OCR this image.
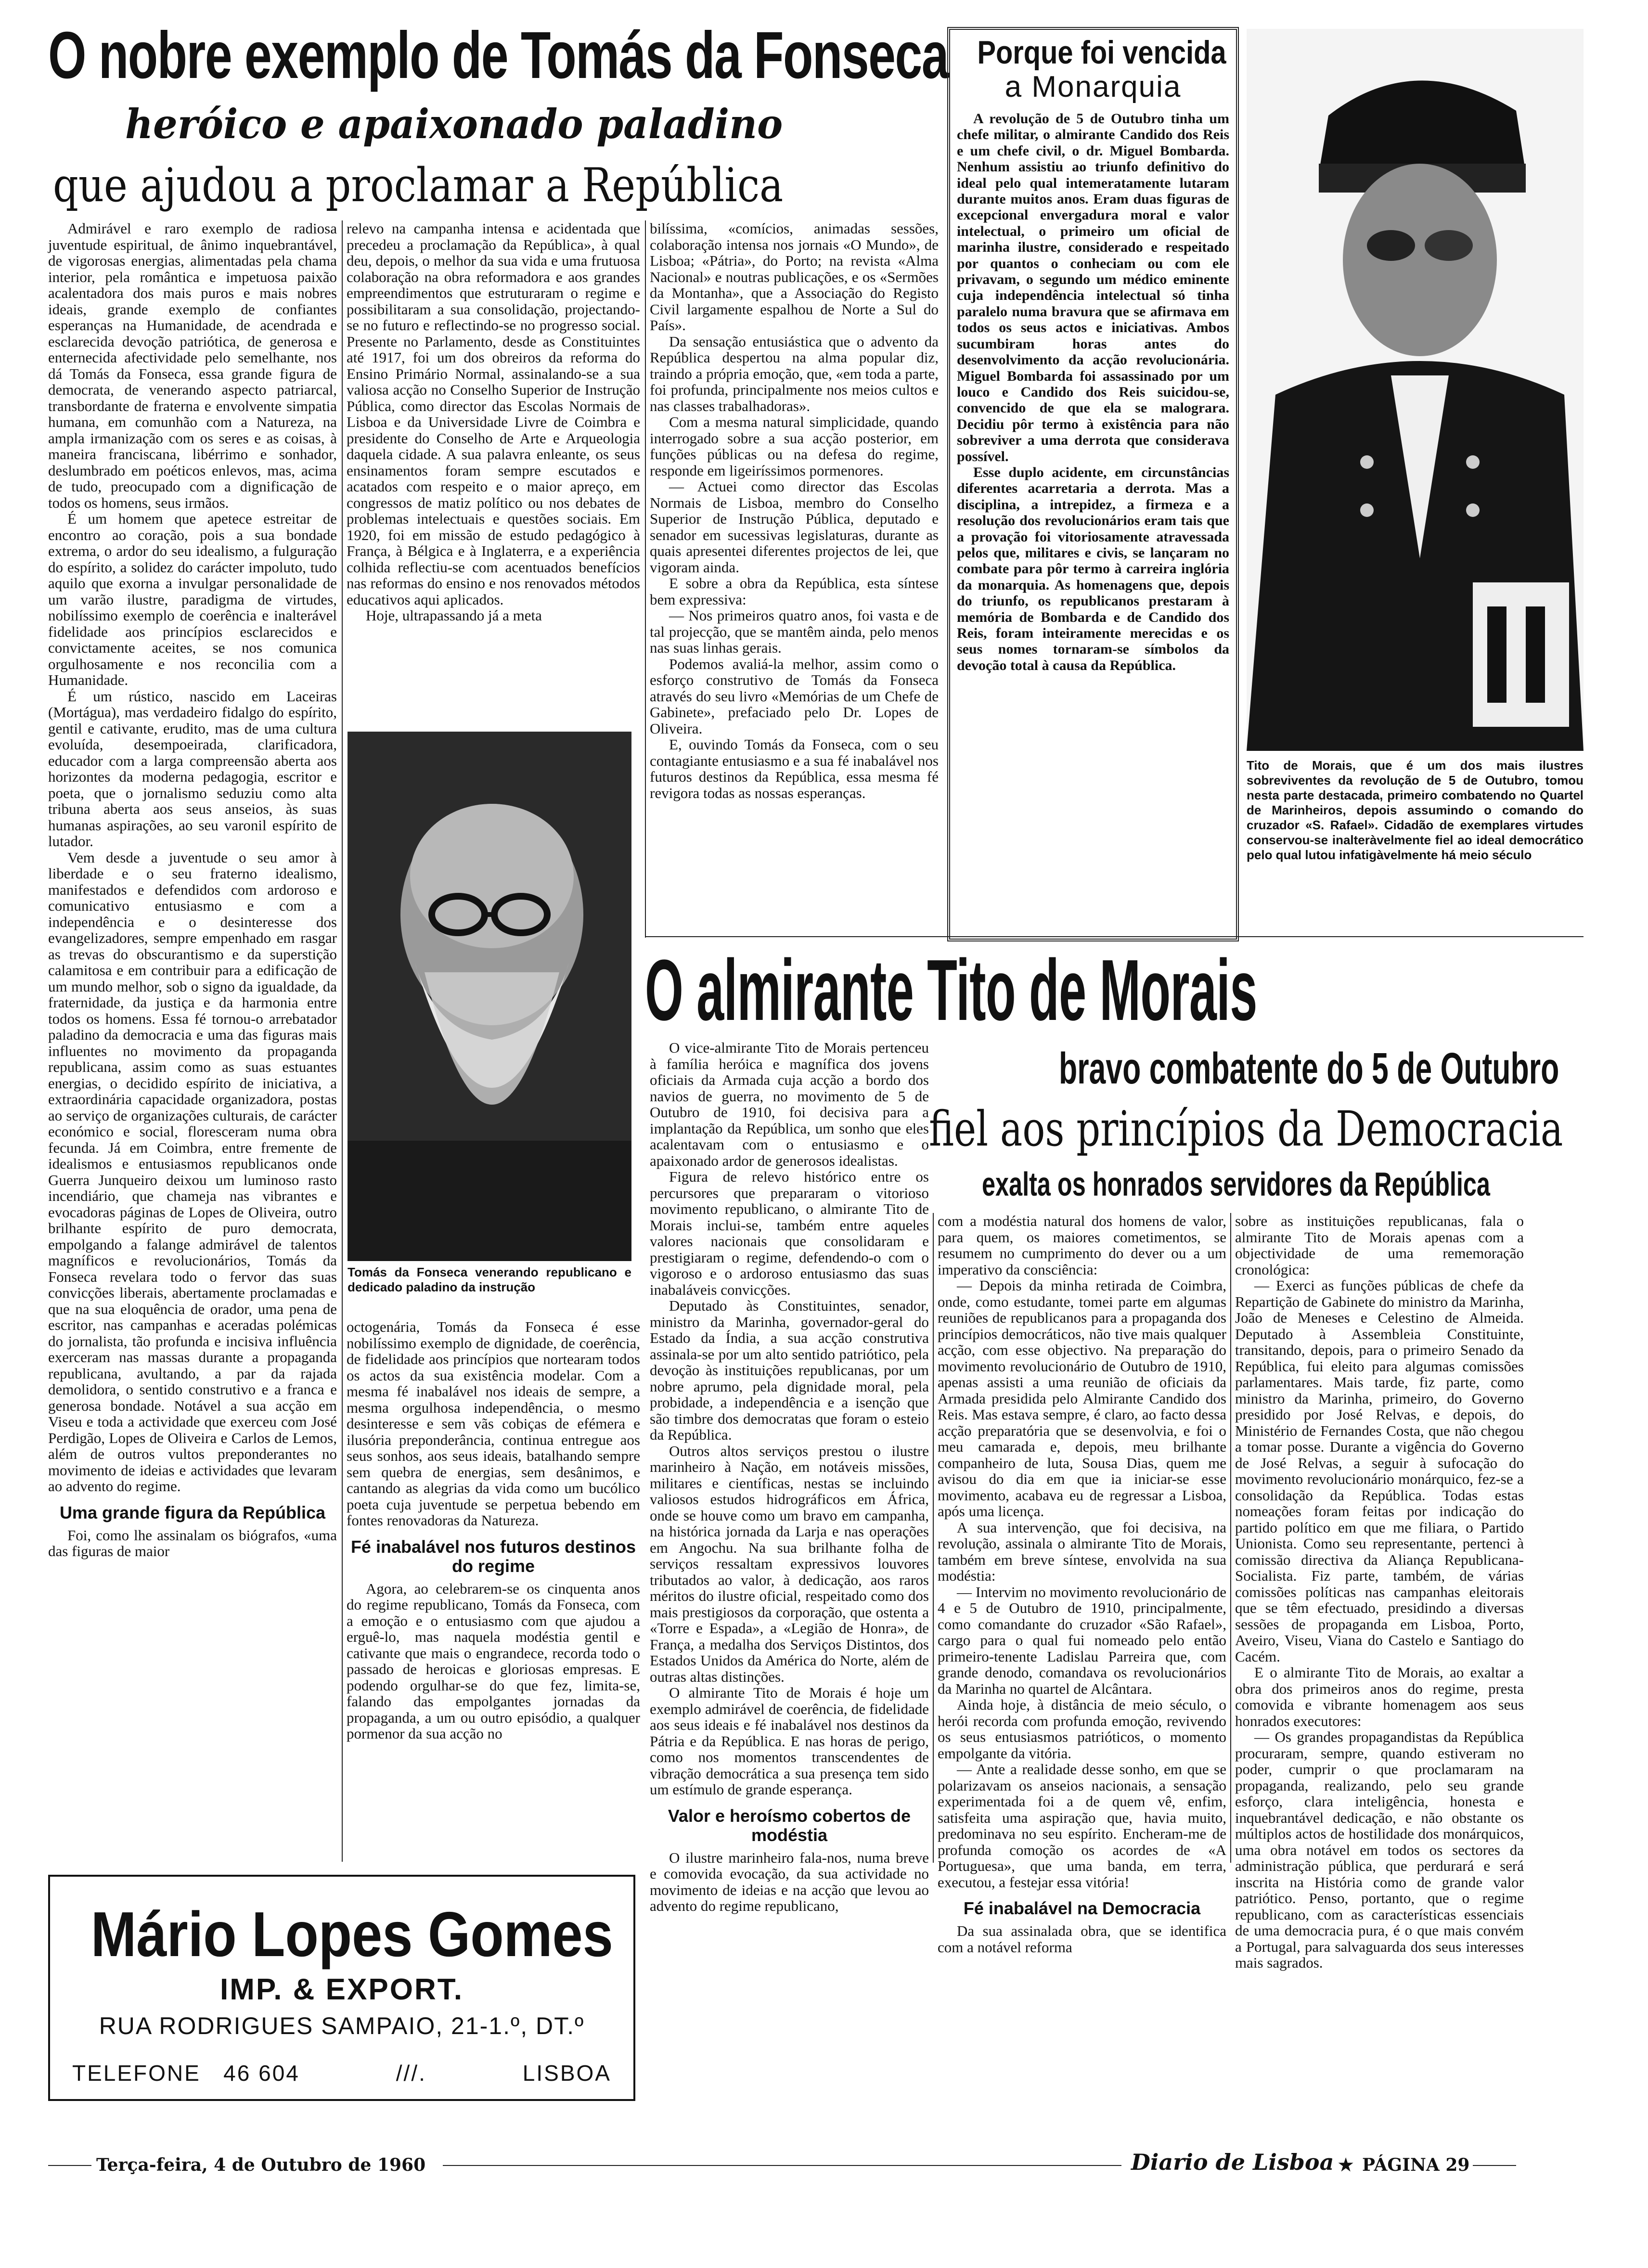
O nobre exemplo de Tomás da Fonseca
heróico e apaixonado paladino
que ajudou a proclamar a República

Admirável e raro exemplo de radiosa juventude espiritual, de ânimo inquebrantável, de vigorosas energias, alimentadas pela chama interior, pela romântica e impetuosa paixão acalentadora dos mais puros e mais nobres ideais, grande exemplo de confiantes esperanças na Humanidade, de acendrada e esclarecida devoção patriótica, de generosa e enternecida afectividade pelo semelhante, nos dá Tomás da Fonseca, essa grande figura de democrata, de venerando aspecto patriarcal, transbordante de fraterna e envolvente simpatia humana, em comunhão com a Natureza, na ampla irmanização com os seres e as coisas, à maneira franciscana, libérrimo e sonhador, deslumbrado em poéticos enlevos, mas, acima de tudo, preocupado com a dignificação de todos os homens, seus irmãos.

É um homem que apetece estreitar de encontro ao coração, pois a sua bondade extrema, o ardor do seu idealismo, a fulguração do espírito, a solidez do carácter impoluto, tudo aquilo que exorna a invulgar personalidade de um varão ilustre, paradigma de virtudes, nobilíssimo exemplo de coerência e inalterável fidelidade aos princípios esclarecidos e convictamente aceites, se nos comunica orgulhosamente e nos reconcilia com a Humanidade.

É um rústico, nascido em Laceiras (Mortágua), mas verdadeiro fidalgo do espírito, gentil e cativante, erudito, mas de uma cultura evoluída, desempoeirada, clarificadora, educador com a larga compreensão aberta aos horizontes da moderna pedagogia, escritor e poeta, que o jornalismo seduziu como alta tribuna aberta aos seus anseios, às suas humanas aspirações, ao seu varonil espírito de lutador.

Vem desde a juventude o seu amor à liberdade e o seu fraterno idealismo, manifestados e defendidos com ardoroso e comunicativo entusiasmo e com a independência e o desinteresse dos evangelizadores, sempre empenhado em rasgar as trevas do obscurantismo e da superstição calamitosa e em contribuir para a edificação de um mundo melhor, sob o signo da igualdade, da fraternidade, da justiça e da harmonia entre todos os homens. Essa fé tornou-o arrebatador paladino da democracia e uma das figuras mais influentes no movimento da propaganda republicana, assim como as suas estuantes energias, o decidido espírito de iniciativa, a extraordinária capacidade organizadora, postas ao serviço de organizações culturais, de carácter económico e social, floresceram numa obra fecunda. Já em Coimbra, entre fremente de idealismos e entusiasmos republicanos onde Guerra Junqueiro deixou um luminoso rasto incendiário, que chameja nas vibrantes e evocadoras páginas de Lopes de Oliveira, outro brilhante espírito de puro democrata, empolgando a falange admirável de talentos magníficos e revolucionários, Tomás da Fonseca revelara todo o fervor das suas convicções liberais, abertamente proclamadas e que na sua eloquência de orador, uma pena de escritor, nas campanhas e aceradas polémicas do jornalista, tão profunda e incisiva influência exerceram nas massas durante a propaganda republicana, avultando, a par da rajada demolidora, o sentido construtivo e a franca e generosa bondade. Notável a sua acção em Viseu e toda a actividade que exerceu com José Perdigão, Lopes de Oliveira e Carlos de Lemos, além de outros vultos preponderantes no movimento de ideias e actividades que levaram ao advento do regime.

Uma grande figura da República

Foi, como lhe assinalam os biógrafos, «uma das figuras de maior

relevo na campanha intensa e acidentada que precedeu a proclamação da República», à qual deu, depois, o melhor da sua vida e uma frutuosa colaboração na obra reformadora e aos grandes empreendimentos que estruturaram o regime e possibilitaram a sua consolidação, projectando-se no futuro e reflectindo-se no progresso social. Presente no Parlamento, desde as Constituintes até 1917, foi um dos obreiros da reforma do Ensino Primário Normal, assinalando-se a sua valiosa acção no Conselho Superior de Instrução Pública, como director das Escolas Normais de Lisboa e da Universidade Livre de Coimbra e presidente do Conselho de Arte e Arqueologia daquela cidade. A sua palavra enleante, os seus ensinamentos foram sempre escutados e acatados com respeito e o maior apreço, em congressos de matiz político ou nos debates de problemas intelectuais e questões sociais. Em 1920, foi em missão de estudo pedagógico à França, à Bélgica e à Inglaterra, e a experiência colhida reflectiu-se com acentuados benefícios nas reformas do ensino e nos renovados métodos educativos aqui aplicados.

Hoje, ultrapassando já a meta

Tomás da Fonseca venerando republicano e dedicado paladino da instrução

octogenária, Tomás da Fonseca é esse nobilíssimo exemplo de dignidade, de coerência, de fidelidade aos princípios que nortearam todos os actos da sua existência modelar. Com a mesma fé inabalável nos ideais de sempre, a mesma orgulhosa independência, o mesmo desinteresse e sem vãs cobiças de efémera e ilusória preponderância, continua entregue aos seus sonhos, aos seus ideais, batalhando sempre sem quebra de energias, sem desânimos, e cantando as alegrias da vida como um bucólico poeta cuja juventude se perpetua bebendo em fontes renovadoras da Natureza.

Fé inabalável nos futuros destinos do regime

Agora, ao celebrarem-se os cinquenta anos do regime republicano, Tomás da Fonseca, com a emoção e o entusiasmo com que ajudou a erguê-lo, mas naquela modéstia gentil e cativante que mais o engrandece, recorda todo o passado de heroicas e gloriosas empresas. E podendo orgulhar-se do que fez, limita-se, falando das empolgantes jornadas da propaganda, a um ou outro episódio, a qualquer pormenor da sua acção no

bilíssima, «comícios, animadas sessões, colaboração intensa nos jornais «O Mundo», de Lisboa; «Pátria», do Porto; na revista «Alma Nacional» e noutras publicações, e os «Sermões da Montanha», que a Associação do Registo Civil largamente espalhou de Norte a Sul do País».

Da sensação entusiástica que o advento da República despertou na alma popular diz, traindo a própria emoção, que, «em toda a parte, foi profunda, principalmente nos meios cultos e nas classes trabalhadoras».

Com a mesma natural simplicidade, quando interrogado sobre a sua acção posterior, em funções públicas ou na defesa do regime, responde em ligeiríssimos pormenores.

— Actuei como director das Escolas Normais de Lisboa, membro do Conselho Superior de Instrução Pública, deputado e senador em sucessivas legislaturas, durante as quais apresentei diferentes projectos de lei, que vigoram ainda.

E sobre a obra da República, esta síntese bem expressiva:

— Nos primeiros quatro anos, foi vasta e de tal projecção, que se mantêm ainda, pelo menos nas suas linhas gerais.

Podemos avaliá-la melhor, assim como o esforço construtivo de Tomás da Fonseca através do seu livro «Memórias de um Chefe de Gabinete», prefaciado pelo Dr. Lopes de Oliveira.

E, ouvindo Tomás da Fonseca, com o seu contagiante entusiasmo e a sua fé inabalável nos futuros destinos da República, essa mesma fé revigora todas as nossas esperanças.

Porque foi vencida
a Monarquia

A revolução de 5 de Outubro tinha um chefe militar, o almirante Candido dos Reis e um chefe civil, o dr. Miguel Bombarda. Nenhum assistiu ao triunfo definitivo do ideal pelo qual intemeratamente lutaram durante muitos anos. Eram duas figuras de excepcional envergadura moral e valor intelectual, o primeiro um oficial de marinha ilustre, considerado e respeitado por quantos o conheciam ou com ele privavam, o segundo um médico eminente cuja independência intelectual só tinha paralelo numa bravura que se afirmava em todos os seus actos e iniciativas. Ambos sucumbiram horas antes do desenvolvimento da acção revolucionária. Miguel Bombarda foi assassinado por um louco e Candido dos Reis suicidou-se, convencido de que ela se malograra. Decidiu pôr termo à existência para não sobreviver a uma derrota que considerava possível.

Esse duplo acidente, em circunstâncias diferentes acarretaria a derrota. Mas a disciplina, a intrepidez, a firmeza e a resolução dos revolucionários eram tais que a provação foi vitoriosamente atravessada pelos que, militares e civis, se lançaram no combate para pôr termo à carreira inglória da monarquia. As homenagens que, depois do triunfo, os republicanos prestaram à memória de Bombarda e de Candido dos Reis, foram inteiramente merecidas e os seus nomes tornaram-se símbolos da devoção total à causa da República.

Tito de Morais, que é um dos mais ilustres sobreviventes da revolução de 5 de Outubro, tomou nesta parte destacada, primeiro combatendo no Quartel de Marinheiros, depois assumindo o comando do cruzador «S. Rafael». Cidadão de exemplares virtudes conservou-se inalteràvelmente fiel ao ideal democrático pelo qual lutou infatigàvelmente há meio século
O almirante Tito de Morais
bravo combatente do 5 de Outubro
fiel aos princípios da Democracia
exalta os honrados servidores da República

O vice-almirante Tito de Morais pertenceu à família heróica e magnífica dos jovens oficiais da Armada cuja acção a bordo dos navios de guerra, no movimento de 5 de Outubro de 1910, foi decisiva para a implantação da República, um sonho que eles acalentavam com o entusiasmo e o apaixonado ardor de generosos idealistas.

Figura de relevo histórico entre os percursores que prepararam o vitorioso movimento republicano, o almirante Tito de Morais inclui-se, também entre aqueles valores nacionais que consolidaram e prestigiaram o regime, defendendo-o com o vigoroso e o ardoroso entusiasmo das suas inabaláveis convicções.

Deputado às Constituintes, senador, ministro da Marinha, governador-geral do Estado da Índia, a sua acção construtiva assinala-se por um alto sentido patriótico, pela devoção às instituições republicanas, por um nobre aprumo, pela dignidade moral, pela probidade, a independência e a isenção que são timbre dos democratas que foram o esteio da República.

Outros altos serviços prestou o ilustre marinheiro à Nação, em notáveis missões, militares e científicas, nestas se incluindo valiosos estudos hidrográficos em África, onde se houve como um bravo em campanha, na histórica jornada da Larja e nas operações em Angochu. Na sua brilhante folha de serviços ressaltam expressivos louvores tributados ao valor, à dedicação, aos raros méritos do ilustre oficial, respeitado como dos mais prestigiosos da corporação, que ostenta a «Torre e Espada», a «Legião de Honra», de França, a medalha dos Serviços Distintos, dos Estados Unidos da América do Norte, além de outras altas distinções.

O almirante Tito de Morais é hoje um exemplo admirável de coerência, de fidelidade aos seus ideais e fé inabalável nos destinos da Pátria e da República. E nas horas de perigo, como nos momentos transcendentes de vibração democrática a sua presença tem sido um estímulo de grande esperança.

Valor e heroísmo cobertos de modéstia

O ilustre marinheiro fala-nos, numa breve e comovida evocação, da sua actividade no movimento de ideias e na acção que levou ao advento do regime republicano,

com a modéstia natural dos homens de valor, para quem, os maiores cometimentos, se resumem no cumprimento do dever ou a um imperativo da consciência:

— Depois da minha retirada de Coimbra, onde, como estudante, tomei parte em algumas reuniões de republicanos para a propaganda dos princípios democráticos, não tive mais qualquer acção, com esse objectivo. Na preparação do movimento revolucionário de Outubro de 1910, apenas assisti a uma reunião de oficiais da Armada presidida pelo Almirante Candido dos Reis. Mas estava sempre, é claro, ao facto dessa acção preparatória que se desenvolvia, e foi o meu camarada e, depois, meu brilhante companheiro de luta, Sousa Dias, quem me avisou do dia em que ia iniciar-se esse movimento, acabava eu de regressar a Lisboa, após uma licença.

A sua intervenção, que foi decisiva, na revolução, assinala o almirante Tito de Morais, também em breve síntese, envolvida na sua modéstia:

— Intervim no movimento revolucionário de 4 e 5 de Outubro de 1910, principalmente, como comandante do cruzador «São Rafael», cargo para o qual fui nomeado pelo então primeiro-tenente Ladislau Parreira que, com grande denodo, comandava os revolucionários da Marinha no quartel de Alcântara.

Ainda hoje, à distância de meio século, o herói recorda com profunda emoção, revivendo os seus entusiasmos patrióticos, o momento empolgante da vitória.

— Ante a realidade desse sonho, em que se polarizavam os anseios nacionais, a sensação experimentada foi a de quem vê, enfim, satisfeita uma aspiração que, havia muito, predominava no seu espírito. Encheram-me de profunda comoção os acordes de «A Portuguesa», que uma banda, em terra, executou, a festejar essa vitória!

Fé inabalável na Democracia

Da sua assinalada obra, que se identifica com a notável reforma

sobre as instituições republicanas, fala o almirante Tito de Morais apenas com a objectividade de uma rememoração cronológica:

— Exerci as funções públicas de chefe da Repartição de Gabinete do ministro da Marinha, João de Meneses e Celestino de Almeida. Deputado à Assembleia Constituinte, transitando, depois, para o primeiro Senado da República, fui eleito para algumas comissões parlamentares. Mais tarde, fiz parte, como ministro da Marinha, primeiro, do Governo presidido por José Relvas, e depois, do Ministério de Fernandes Costa, que não chegou a tomar posse. Durante a vigência do Governo de José Relvas, a seguir à sufocação do movimento revolucionário monárquico, fez-se a consolidação da República. Todas estas nomeações foram feitas por indicação do partido político em que me filiara, o Partido Unionista. Como seu representante, pertenci à comissão directiva da Aliança Republicana-Socialista. Fiz parte, também, de várias comissões políticas nas campanhas eleitorais que se têm efectuado, presidindo a diversas sessões de propaganda em Lisboa, Porto, Aveiro, Viseu, Viana do Castelo e Santiago do Cacém.

E o almirante Tito de Morais, ao exaltar a obra dos primeiros anos do regime, presta comovida e vibrante homenagem aos seus honrados executores:

— Os grandes propagandistas da República procuraram, sempre, quando estiveram no poder, cumprir o que proclamaram na propaganda, realizando, pelo seu grande esforço, clara inteligência, honesta e inquebrantável dedicação, e não obstante os múltiplos actos de hostilidade dos monárquicos, uma obra notável em todos os sectores da administração pública, que perdurará e será inscrita na História como de grande valor patriótico. Penso, portanto, que o regime republicano, com as características essenciais de uma democracia pura, é o que mais convém a Portugal, para salvaguarda dos seus interesses mais sagrados.

Mário Lopes Gomes
IMP. & EXPORT.
RUA RODRIGUES SAMPAIO, 21-1.º, DT.º
TELEFONE 46 604	///.	LISBOA
Terça-feira, 4 de Outubro de 1960	Diario de Lisboa ★ PÁGINA 29
